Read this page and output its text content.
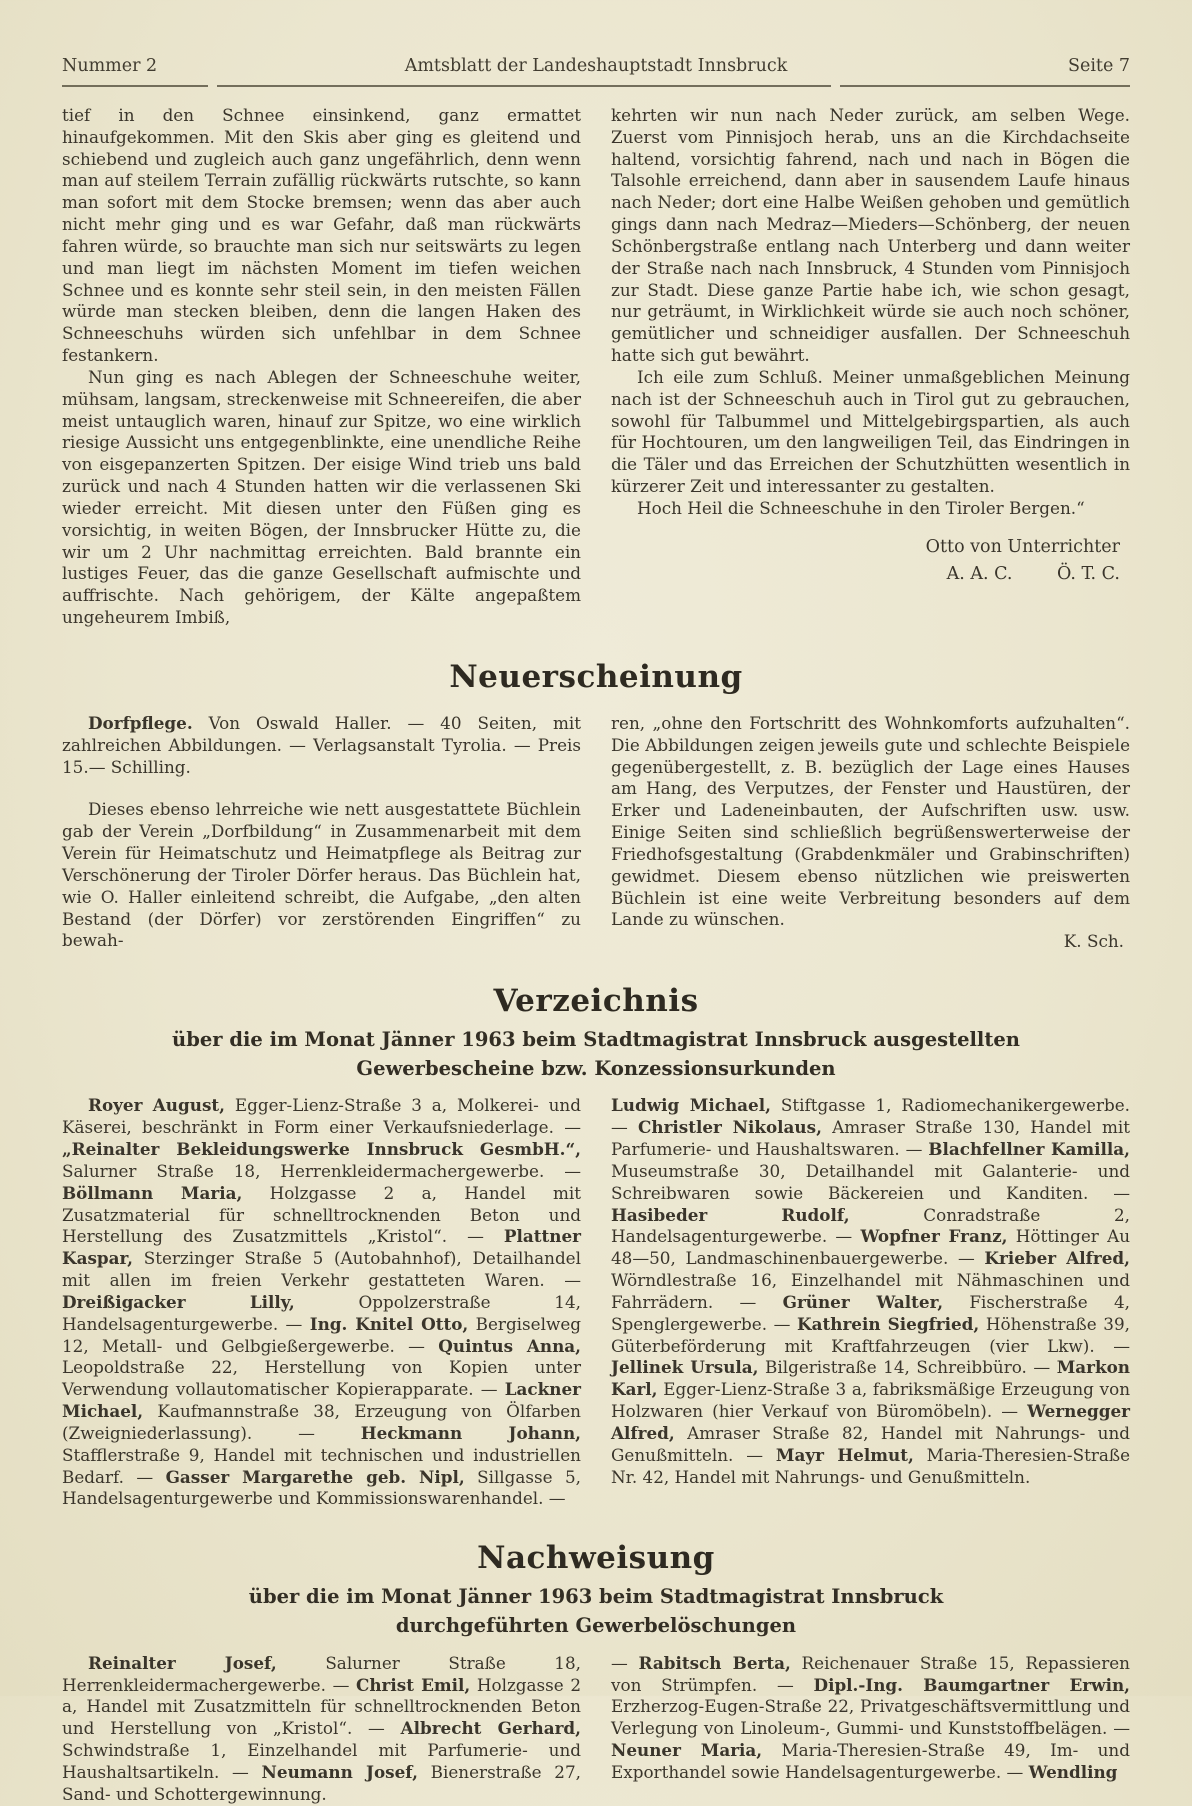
Nummer 2	Amtsblatt der Landeshauptstadt Innsbruck	Seite 7

tief in den Schnee einsinkend, ganz ermattet hinaufgekommen. Mit den Skis aber ging es gleitend und schiebend und zugleich auch ganz ungefährlich, denn wenn man auf steilem Terrain zufällig rückwärts rutschte, so kann man sofort mit dem Stocke bremsen; wenn das aber auch nicht mehr ging und es war Gefahr, daß man rückwärts fahren würde, so brauchte man sich nur seitswärts zu legen und man liegt im nächsten Moment im tiefen weichen Schnee und es konnte sehr steil sein, in den meisten Fällen würde man stecken bleiben, denn die langen Haken des Schneeschuhs würden sich unfehlbar in dem Schnee festankern.

Nun ging es nach Ablegen der Schneeschuhe weiter, mühsam, langsam, streckenweise mit Schneereifen, die aber meist untauglich waren, hinauf zur Spitze, wo eine wirklich riesige Aussicht uns entgegenblinkte, eine unendliche Reihe von eisgepanzerten Spitzen. Der eisige Wind trieb uns bald zurück und nach 4 Stunden hatten wir die verlassenen Ski wieder erreicht. Mit diesen unter den Füßen ging es vorsichtig, in weiten Bögen, der Innsbrucker Hütte zu, die wir um 2 Uhr nachmittag erreichten. Bald brannte ein lustiges Feuer, das die ganze Gesellschaft aufmischte und auffrischte. Nach gehörigem, der Kälte angepaßtem ungeheurem Imbiß,

kehrten wir nun nach Neder zurück, am selben Wege. Zuerst vom Pinnisjoch herab, uns an die Kirchdachseite haltend, vorsichtig fahrend, nach und nach in Bögen die Talsohle erreichend, dann aber in sausendem Laufe hinaus nach Neder; dort eine Halbe Weißen gehoben und gemütlich gings dann nach Medraz—Mieders—Schönberg, der neuen Schönbergstraße entlang nach Unterberg und dann weiter der Straße nach nach Innsbruck, 4 Stunden vom Pinnisjoch zur Stadt. Diese ganze Partie habe ich, wie schon gesagt, nur geträumt, in Wirklichkeit würde sie auch noch schöner, gemütlicher und schneidiger ausfallen. Der Schneeschuh hatte sich gut bewährt.

Ich eile zum Schluß. Meiner unmaßgeblichen Meinung nach ist der Schneeschuh auch in Tirol gut zu gebrauchen, sowohl für Talbummel und Mittelgebirgspartien, als auch für Hochtouren, um den langweiligen Teil, das Eindringen in die Täler und das Erreichen der Schutzhütten wesentlich in kürzerer Zeit und interessanter zu gestalten.

Hoch Heil die Schneeschuhe in den Tiroler Bergen.“

Otto von Unterrichter
A. A. C.        Ö. T. C.
Neuerscheinung

Dorfpflege. Von Oswald Haller. — 40 Seiten, mit zahlreichen Abbildungen. — Verlagsanstalt Tyrolia. — Preis 15.— Schilling.

Dieses ebenso lehrreiche wie nett ausgestattete Büchlein gab der Verein „Dorfbildung“ in Zusammenarbeit mit dem Verein für Heimatschutz und Heimatpflege als Beitrag zur Verschönerung der Tiroler Dörfer heraus. Das Büchlein hat, wie O. Haller einleitend schreibt, die Aufgabe, „den alten Bestand (der Dörfer) vor zerstörenden Eingriffen“ zu bewah-

ren, „ohne den Fortschritt des Wohnkomforts aufzuhalten“. Die Abbildungen zeigen jeweils gute und schlechte Beispiele gegenübergestellt, z. B. bezüglich der Lage eines Hauses am Hang, des Verputzes, der Fenster und Haustüren, der Erker und Ladeneinbauten, der Aufschriften usw. usw. Einige Seiten sind schließlich begrüßenswerterweise der Friedhofsgestaltung (Grabdenkmäler und Grabinschriften) gewidmet. Diesem ebenso nützlichen wie preiswerten Büchlein ist eine weite Verbreitung besonders auf dem Lande zu wünschen.

K. Sch.

Verzeichnis
über die im Monat Jänner 1963 beim Stadtmagistrat Innsbruck ausgestellten
Gewerbescheine bzw. Konzessionsurkunden

Royer August, Egger-Lienz-Straße 3 a, Molkerei- und Käserei, beschränkt in Form einer Verkaufsniederlage. — „Reinalter Bekleidungswerke Innsbruck GesmbH.“, Salurner Straße 18, Herrenkleidermachergewerbe. — Böllmann Maria, Holzgasse 2 a, Handel mit Zusatzmaterial für schnelltrocknenden Beton und Herstellung des Zusatzmittels „Kristol“. — Plattner Kaspar, Sterzinger Straße 5 (Autobahnhof), Detailhandel mit allen im freien Verkehr gestatteten Waren. — Dreißigacker Lilly, Oppolzerstraße 14, Handelsagenturgewerbe. — Ing. Knitel Otto, Bergiselweg 12, Metall- und Gelbgießergewerbe. — Quintus Anna, Leopoldstraße 22, Herstellung von Kopien unter Verwendung vollautomatischer Kopierapparate. — Lackner Michael, Kaufmannstraße 38, Erzeugung von Ölfarben (Zweigniederlassung). — Heckmann Johann, Stafflerstraße 9, Handel mit technischen und industriellen Bedarf. — Gasser Margarethe geb. Nipl, Sillgasse 5, Handelsagenturgewerbe und Kommissionswarenhandel. —

Ludwig Michael, Stiftgasse 1, Radiomechanikergewerbe. — Christler Nikolaus, Amraser Straße 130, Handel mit Parfumerie- und Haushaltswaren. — Blachfellner Kamilla, Museumstraße 30, Detailhandel mit Galanterie- und Schreibwaren sowie Bäckereien und Kanditen. — Hasibeder Rudolf, Conradstraße 2, Handelsagenturgewerbe. — Wopfner Franz, Höttinger Au 48—50, Landmaschinenbauergewerbe. — Krieber Alfred, Wörndlestraße 16, Einzelhandel mit Nähmaschinen und Fahrrädern. — Grüner Walter, Fischerstraße 4, Spenglergewerbe. — Kathrein Siegfried, Höhenstraße 39, Güterbeförderung mit Kraftfahrzeugen (vier Lkw). — Jellinek Ursula, Bilgeristraße 14, Schreibbüro. — Markon Karl, Egger-Lienz-Straße 3 a, fabriksmäßige Erzeugung von Holzwaren (hier Verkauf von Büromöbeln). — Wernegger Alfred, Amraser Straße 82, Handel mit Nahrungs- und Genußmitteln. — Mayr Helmut, Maria-Theresien-Straße Nr. 42, Handel mit Nahrungs- und Genußmitteln.

Nachweisung
über die im Monat Jänner 1963 beim Stadtmagistrat Innsbruck
durchgeführten Gewerbelöschungen

Reinalter Josef, Salurner Straße 18, Herrenkleidermachergewerbe. — Christ Emil, Holzgasse 2 a, Handel mit Zusatzmitteln für schnelltrocknenden Beton und Herstellung von „Kristol“. — Albrecht Gerhard, Schwindstraße 1, Einzelhandel mit Parfumerie- und Haushaltsartikeln. — Neumann Josef, Bienerstraße 27, Sand- und Schottergewinnung.

— Rabitsch Berta, Reichenauer Straße 15, Repassieren von Strümpfen. — Dipl.-Ing. Baumgartner Erwin, Erzherzog-Eugen-Straße 22, Privatgeschäftsvermittlung und Verlegung von Linoleum-, Gummi- und Kunststoffbelägen. — Neuner Maria, Maria-Theresien-Straße 49, Im- und Exporthandel sowie Handelsagenturgewerbe. — Wendling
